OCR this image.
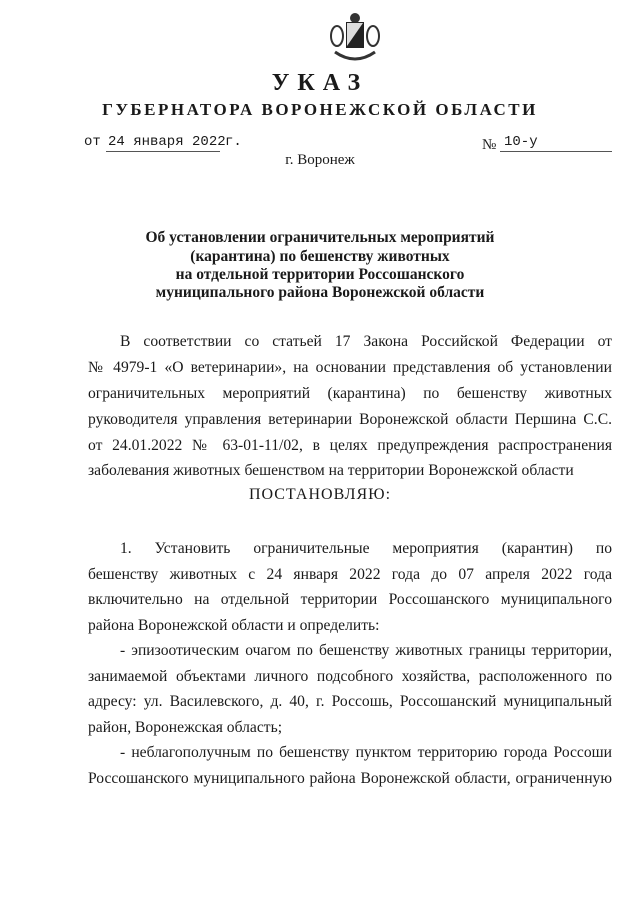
УКАЗ
ГУБЕРНАТОРА ВОРОНЕЖСКОЙ ОБЛАСТИ
от 24 января 2022 г.	№ 10-у
г. Воронеж
Об установлении ограничительных мероприятий
(карантина) по бешенству животных
на отдельной территории Россошанского
муниципального района Воронежской области
В соответствии со статьей 17 Закона Российской Федерации от
№ 4979-1 «О ветеринарии», на основании представления об установлении
ограничительных мероприятий (карантина) по бешенству животных
руководителя управления ветеринарии Воронежской области Першина С.С.
от 24.01.2022 № 63-01-11/02, в целях предупреждения распространения
заболевания животных бешенством на территории Воронежской области
ПОСТАНОВЛЯЮ:
1. Установить ограничительные мероприятия (карантин) по
бешенству животных с 24 января 2022 года до 07 апреля 2022 года
включительно на отдельной территории Россошанского муниципального
района Воронежской области и определить:
- эпизоотическим очагом по бешенству животных границы территории,
занимаемой объектами личного подсобного хозяйства, расположенного по
адресу: ул. Василевского, д. 40, г. Россошь, Россошанский муниципальный
район, Воронежская область;
- неблагополучным по бешенству пунктом территорию города Россоши
Россошанского муниципального района Воронежской области, ограниченную
